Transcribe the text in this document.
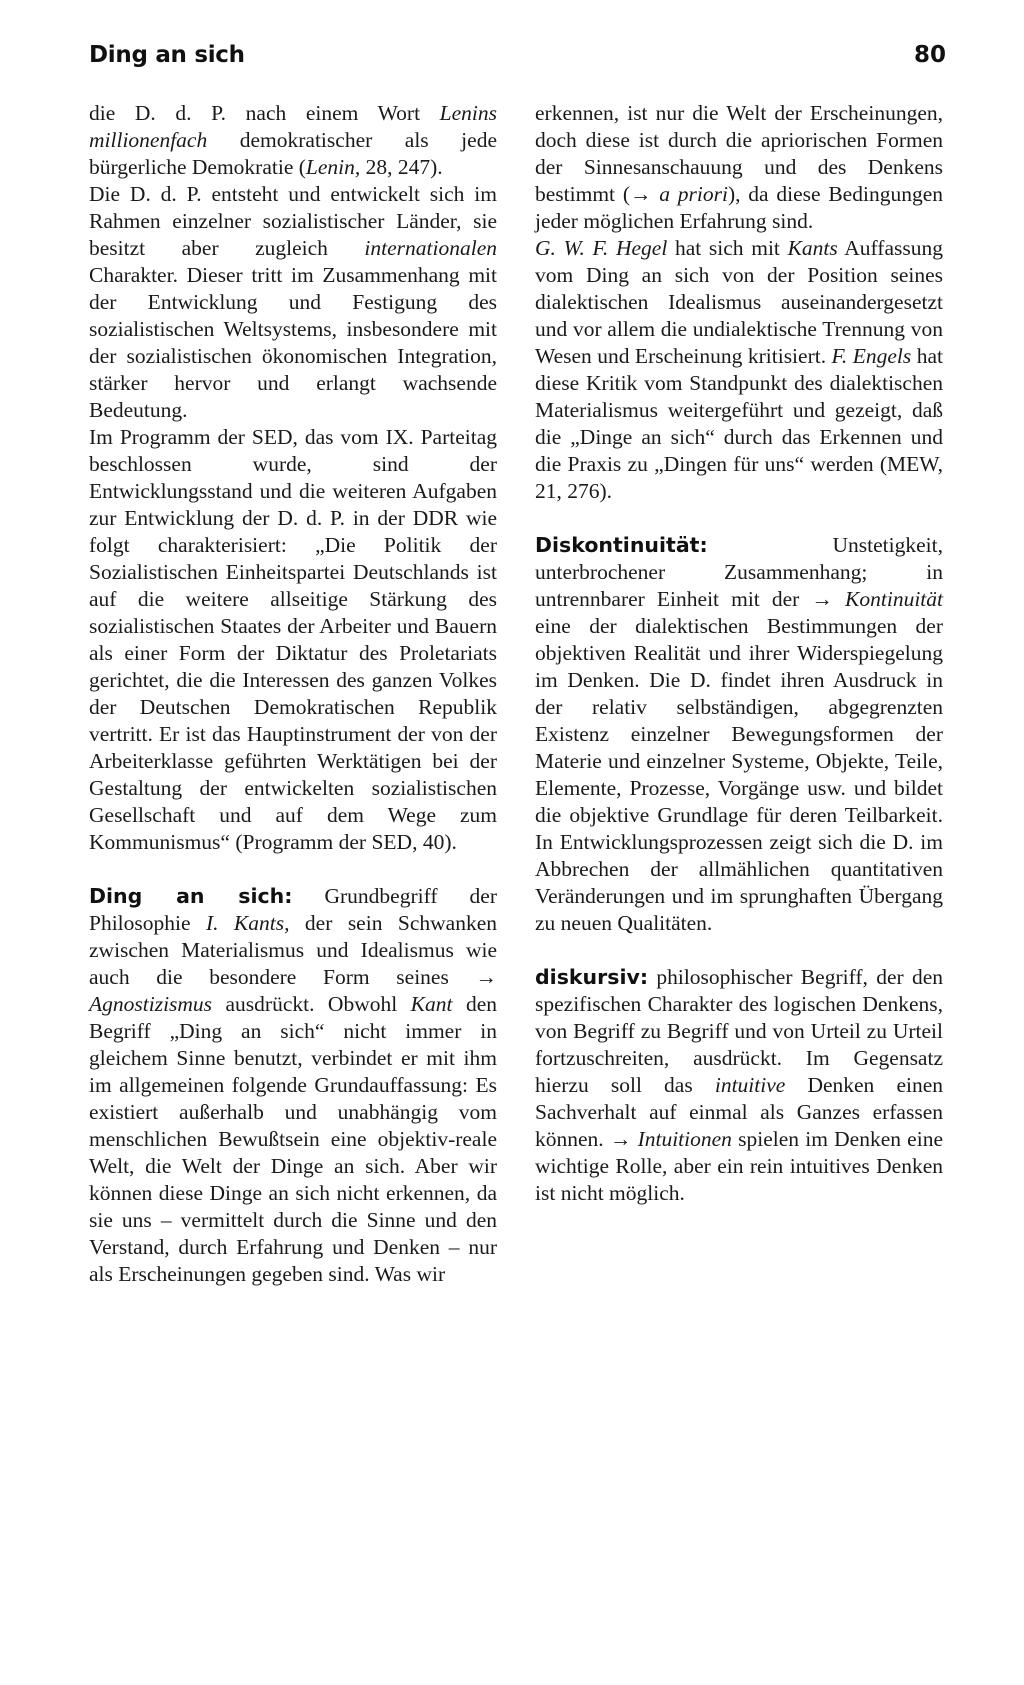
Ding an sich	80

die D. d. P. nach einem Wort Lenins millionenfach demokratischer als jede bürgerliche Demokratie (Lenin, 28, 247).

Die D. d. P. entsteht und entwickelt sich im Rahmen einzelner sozialistischer Länder, sie besitzt aber zugleich internationalen Charakter. Dieser tritt im Zusammenhang mit der Entwicklung und Festigung des sozialistischen Weltsystems, insbesondere mit der sozialistischen ökonomischen Integration, stärker hervor und erlangt wachsende Bedeutung.

Im Programm der SED, das vom IX. Parteitag beschlossen wurde, sind der Entwicklungsstand und die weiteren Aufgaben zur Entwicklung der D. d. P. in der DDR wie folgt charakterisiert: „Die Politik der Sozialistischen Einheitspartei Deutschlands ist auf die weitere allseitige Stärkung des sozialistischen Staates der Arbeiter und Bauern als einer Form der Diktatur des Proletariats gerichtet, die die Interessen des ganzen Volkes der Deutschen Demokratischen Republik vertritt. Er ist das Hauptinstrument der von der Arbeiterklasse geführten Werktätigen bei der Gestaltung der entwickelten sozialistischen Gesellschaft und auf dem Wege zum Kommunismus“ (Programm der SED, 40).

Ding an sich: Grundbegriff der Philosophie I. Kants, der sein Schwanken zwischen Materialismus und Idealismus wie auch die besondere Form seines → Agnostizismus ausdrückt. Obwohl Kant den Begriff „Ding an sich“ nicht immer in gleichem Sinne benutzt, verbindet er mit ihm im allgemeinen folgende Grundauffassung: Es existiert außerhalb und unabhängig vom menschlichen Bewußtsein eine objektiv-reale Welt, die Welt der Dinge an sich. Aber wir können diese Dinge an sich nicht erkennen, da sie uns – vermittelt durch die Sinne und den Verstand, durch Erfahrung und Denken – nur als Erscheinungen gegeben sind. Was wir

erkennen, ist nur die Welt der Erscheinungen, doch diese ist durch die apriorischen Formen der Sinnesanschauung und des Denkens bestimmt (→ a priori), da diese Bedingungen jeder möglichen Erfahrung sind.

G. W. F. Hegel hat sich mit Kants Auffassung vom Ding an sich von der Position seines dialektischen Idealismus auseinandergesetzt und vor allem die undialektische Trennung von Wesen und Erscheinung kritisiert. F. Engels hat diese Kritik vom Standpunkt des dialektischen Materialismus weitergeführt und gezeigt, daß die „Dinge an sich“ durch das Erkennen und die Praxis zu „Dingen für uns“ werden (MEW, 21, 276).

Diskontinuität: Unstetigkeit, unterbrochener Zusammenhang; in untrennbarer Einheit mit der → Kontinuität eine der dialektischen Bestimmungen der objektiven Realität und ihrer Widerspiegelung im Denken. Die D. findet ihren Ausdruck in der relativ selbständigen, abgegrenzten Existenz einzelner Bewegungsformen der Materie und einzelner Systeme, Objekte, Teile, Elemente, Prozesse, Vorgänge usw. und bildet die objektive Grundlage für deren Teilbarkeit. In Entwicklungsprozessen zeigt sich die D. im Abbrechen der allmählichen quantitativen Veränderungen und im sprunghaften Übergang zu neuen Qualitäten.

diskursiv: philosophischer Begriff, der den spezifischen Charakter des logischen Denkens, von Begriff zu Begriff und von Urteil zu Urteil fortzuschreiten, ausdrückt. Im Gegensatz hierzu soll das intuitive Denken einen Sachverhalt auf einmal als Ganzes erfassen können. → Intuitionen spielen im Denken eine wichtige Rolle, aber ein rein intuitives Denken ist nicht möglich.
